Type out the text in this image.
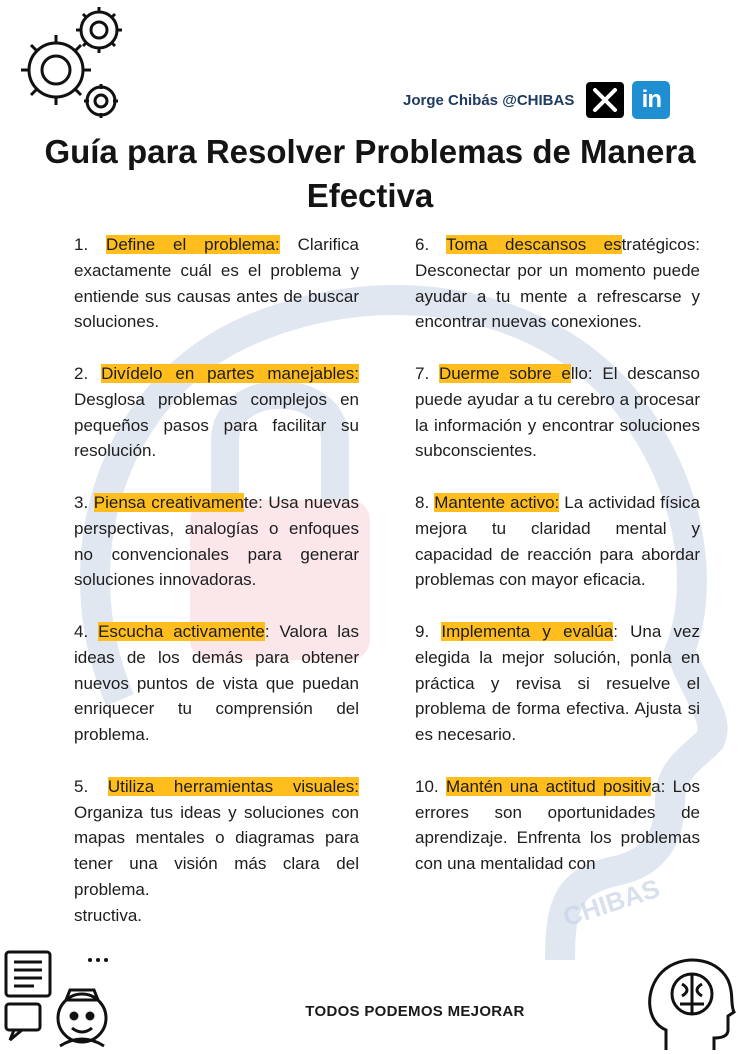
CHIBAS
Jorge Chibás @CHIBAS	in
Guía para Resolver Problemas de Manera Efectiva

1. Define el problema: Clarifica exactamente cuál es el problema y entiende sus causas antes de buscar soluciones.

2. Divídelo en partes manejables: Desglosa problemas complejos en pequeños pasos para facilitar su resolución.

3. Piensa creativamente: Usa nuevas perspectivas, analogías o enfoques no convencionales para generar soluciones innovadoras.

4. Escucha activamente: Valora las ideas de los demás para obtener nuevos puntos de vista que puedan enriquecer tu comprensión del problema.

5. Utiliza herramientas visuales: Organiza tus ideas y soluciones con mapas mentales o diagramas para tener una visión más clara del problema.

structiva.

6. Toma descansos estratégicos: Desconectar por un momento puede ayudar a tu mente a refrescarse y encontrar nuevas conexiones.

7. Duerme sobre ello: El descanso puede ayudar a tu cerebro a procesar la información y encontrar soluciones subconscientes.

8. Mantente activo: La actividad física mejora tu claridad mental y capacidad de reacción para abordar problemas con mayor eficacia.

9. Implementa y evalúa: Una vez elegida la mejor solución, ponla en práctica y revisa si resuelve el problema de forma efectiva. Ajusta si es necesario.

10. Mantén una actitud positiva: Los errores son oportunidades de aprendizaje. Enfrenta los problemas con una mentalidad con

TODOS PODEMOS MEJORAR
